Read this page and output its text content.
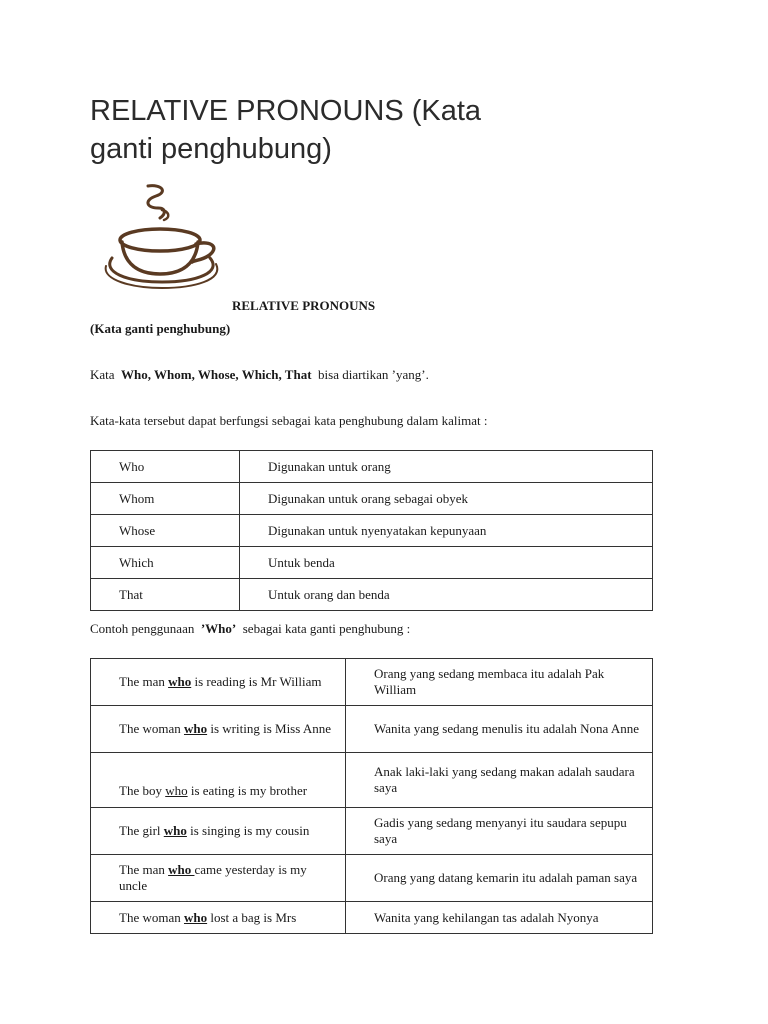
RELATIVE PRONOUNS (Kata ganti penghubung)
RELATIVE PRONOUNS
(Kata ganti penghubung)
Kata  Who, Whom, Whose, Which, That  bisa diartikan ’yang’.
Kata-kata tersebut dapat berfungsi sebagai kata penghubung dalam kalimat :
Who	Digunakan untuk orang
Whom	Digunakan untuk orang sebagai obyek
Whose	Digunakan untuk nyenyatakan kepunyaan
Which	Untuk benda
That	Untuk orang dan benda
Contoh penggunaan  ’Who’  sebagai kata ganti penghubung :
The man who is reading is Mr William	Orang yang sedang membaca itu adalah Pak William
The woman who is writing is Miss Anne	Wanita yang sedang menulis itu adalah Nona Anne
The boy who is eating is my brother	Anak laki-laki yang sedang makan adalah saudara saya
The girl who is singing is my cousin	Gadis yang sedang menyanyi itu saudara sepupu saya
The man who came yesterday is my uncle	Orang yang datang kemarin itu adalah paman saya
The woman who lost a bag is Mrs	Wanita yang kehilangan tas adalah Nyonya
